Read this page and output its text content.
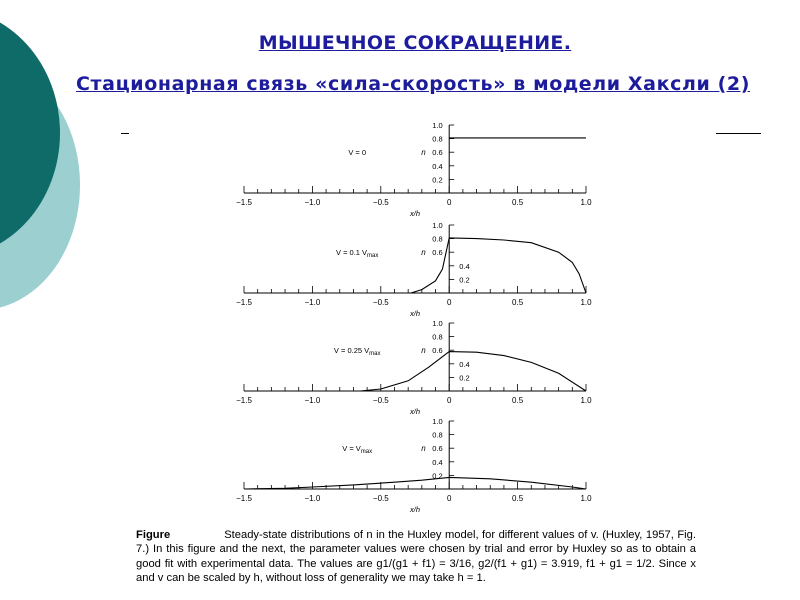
МЫШЕЧНОЕ СОКРАЩЕНИЕ.
Стационарная связь «сила-скорость» в модели Хаксли (2)
−1.5	−1.0	−0.5	0	0.5	1.0
x/h
0.2
0.4
0.6
0.8
1.0
n
V = 0
−1.5	−1.0	−0.5	0	0.5	1.0
x/h
0.2
0.4
0.6
0.8
1.0
n
V = 0.1 $V_{max}$
−1.5	−1.0	−0.5	0	0.5	1.0
x/h
0.2
0.4
0.6
0.8
1.0
n
V = 0.25 $V_{max}$
−1.5	−1.0	−0.5	0	0.5	1.0
x/h
0.2
0.4
0.6
0.8
1.0
n
$V = V_{max}$

Figure	Steady-state distributions of n in the Huxley model, for different values of v. (Huxley, 1957, Fig. 7.) In this figure and the next, the parameter values were chosen by trial and error by Huxley so as to obtain a good fit with experimental data. The values are g1/(g1 + f1) = 3/16, g2/(f1 + g1) = 3.919, f1 + g1 = 1/2. Since x and v can be scaled by h, without loss of generality we may take h = 1.
